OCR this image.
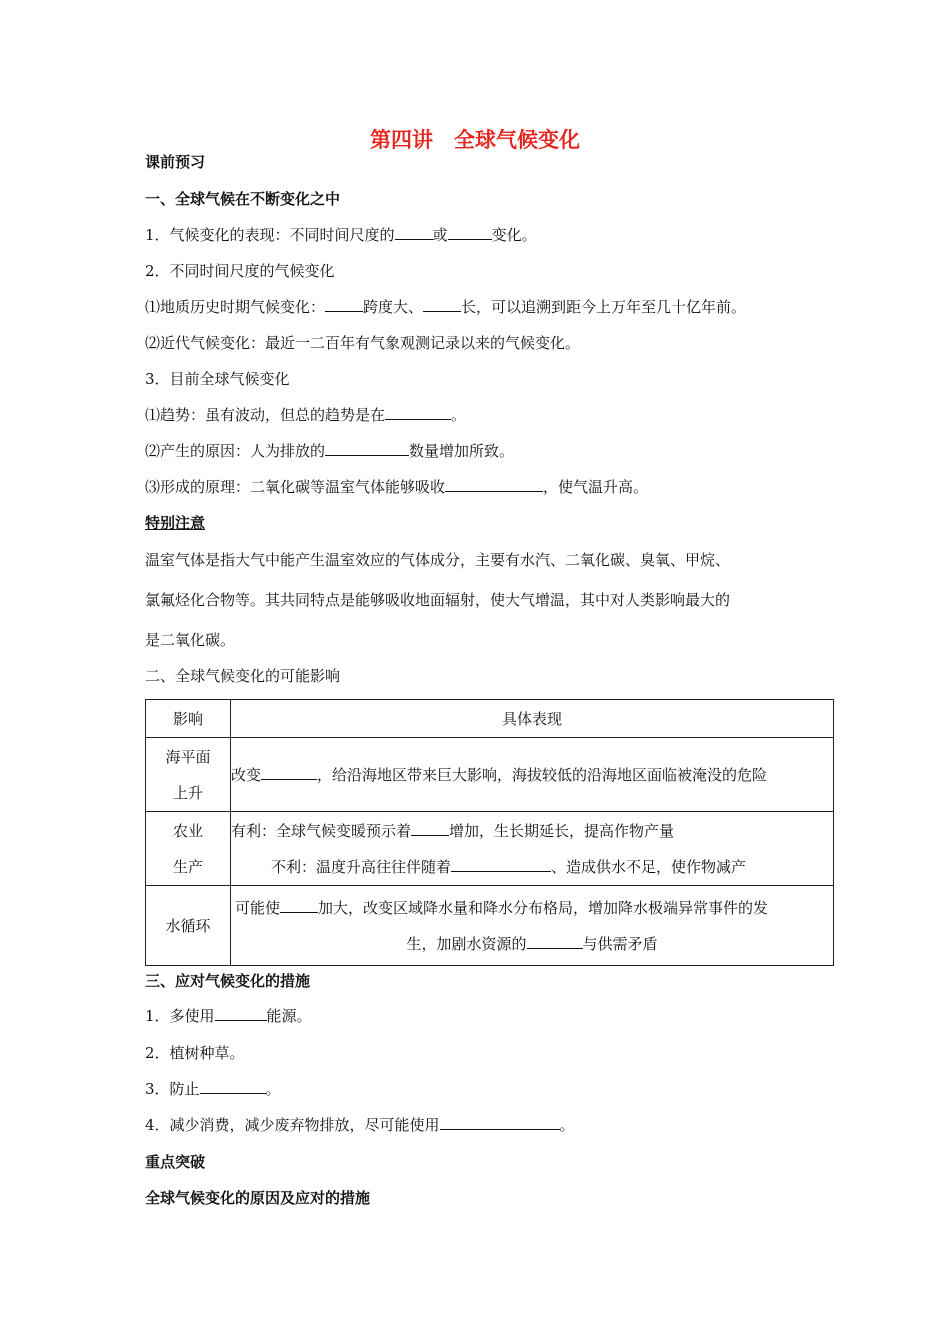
第四讲　全球气候变化
课前预习
一、全球气候在不断变化之中
1．气候变化的表现：不同时间尺度的	或	变化。
2．不同时间尺度的气候变化
⑴地质历史时期气候变化：	跨度大、	长，可以追溯到距今上万年至几十亿年前。
⑵近代气候变化：最近一二百年有气象观测记录以来的气候变化。
3．目前全球气候变化
⑴趋势：虽有波动，但总的趋势是在	。
⑵产生的原因：人为排放的	数量增加所致。
⑶形成的原理：二氧化碳等温室气体能够吸收	，使气温升高。
特别注意
温室气体是指大气中能产生温室效应的气体成分，主要有水汽、二氧化碳、臭氧、甲烷、
氯氟烃化合物等。其共同特点是能够吸收地面辐射，使大气增温，其中对人类影响最大的
是二氧化碳。
二、全球气候变化的可能影响
影响	具体表现

海平面
上升	改变 ，给沿海地区带来巨大影响，海拔较低的沿海地区面临被淹没的危险

农业
生产	有利：全球气候变暖预示着 增加，生长期延长，提高作物产量
不利：温度升高往往伴随着 、造成供水不足，使作物减产

水循环	可能使 加大，改变区域降水量和降水分布格局，增加降水极端异常事件的发
生，加剧水资源的 与供需矛盾
三、应对气候变化的措施
1．多使用	能源。
2．植树种草。
3．防止	。
4．减少消费，减少废弃物排放，尽可能使用	。
重点突破
全球气候变化的原因及应对的措施
